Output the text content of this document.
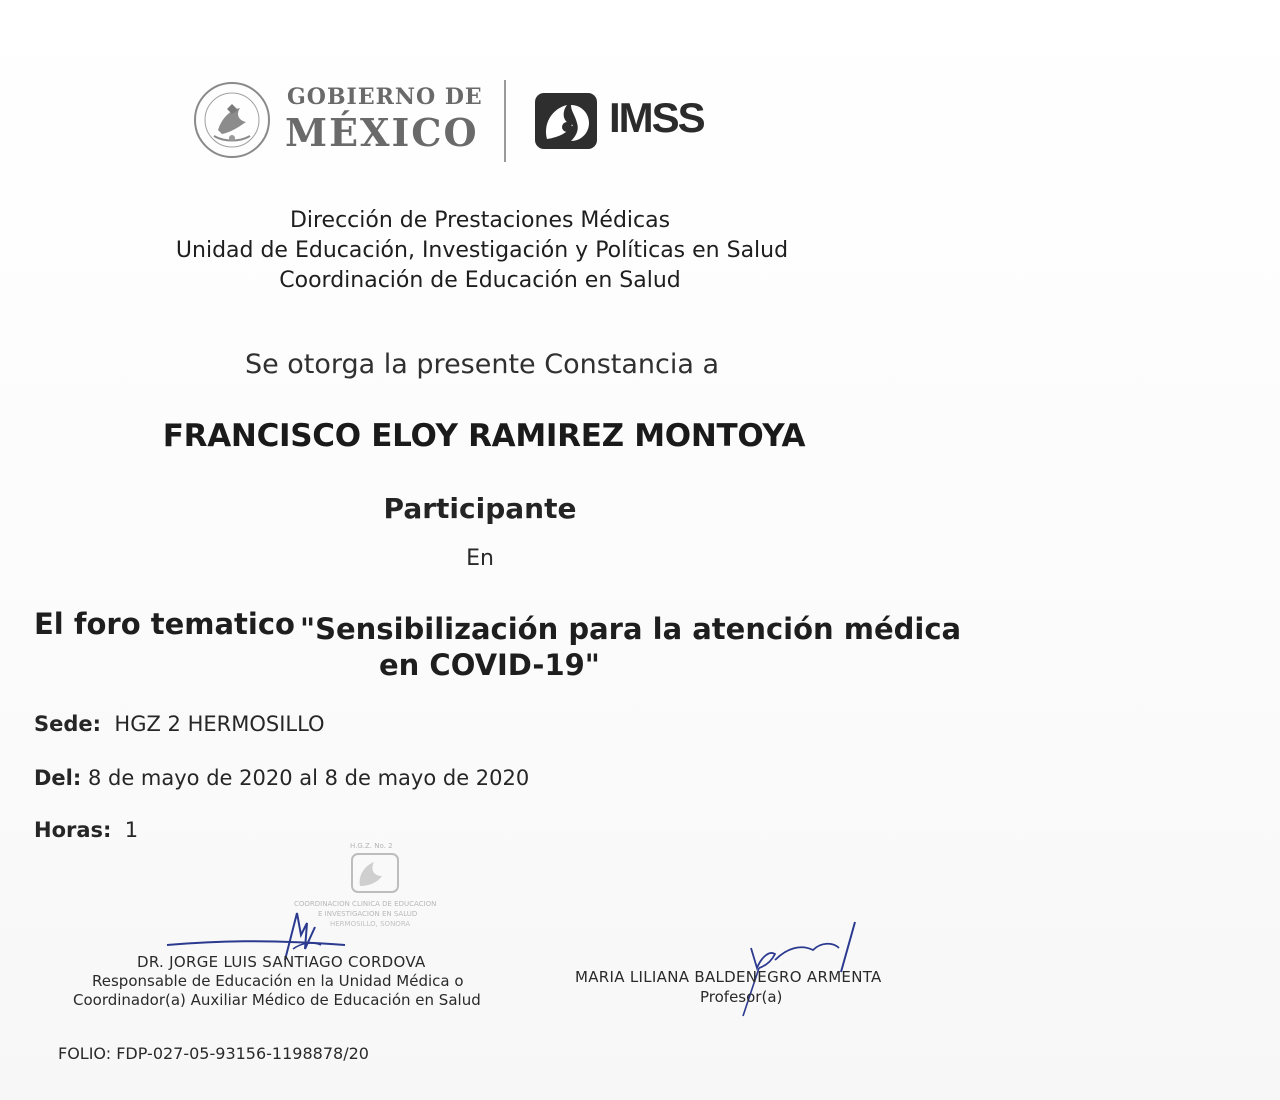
GOBIERNO DE
MÉXICO	IMSS
Dirección de Prestaciones Médicas
Unidad de Educación, Investigación y Políticas en Salud
Coordinación de Educación en Salud
Se otorga la presente Constancia a
FRANCISCO ELOY RAMIREZ MONTOYA
Participante
En
El foro tematico "Sensibilización para la atención médica
en COVID-19"
Sede: HGZ 2 HERMOSILLO
Del: 8 de mayo de 2020 al 8 de mayo de 2020
Horas: 1
H.G.Z. No. 2
COORDINACION CLINICA DE EDUCACION
E INVESTIGACION EN SALUD
HERMOSILLO, SONORA
DR. JORGE LUIS SANTIAGO CORDOVA
Responsable de Educación en la Unidad Médica o
Coordinador(a) Auxiliar Médico de Educación en Salud
MARIA LILIANA BALDENEGRO ARMENTA
Profesor(a)
FOLIO: FDP-027-05-93156-1198878/20
